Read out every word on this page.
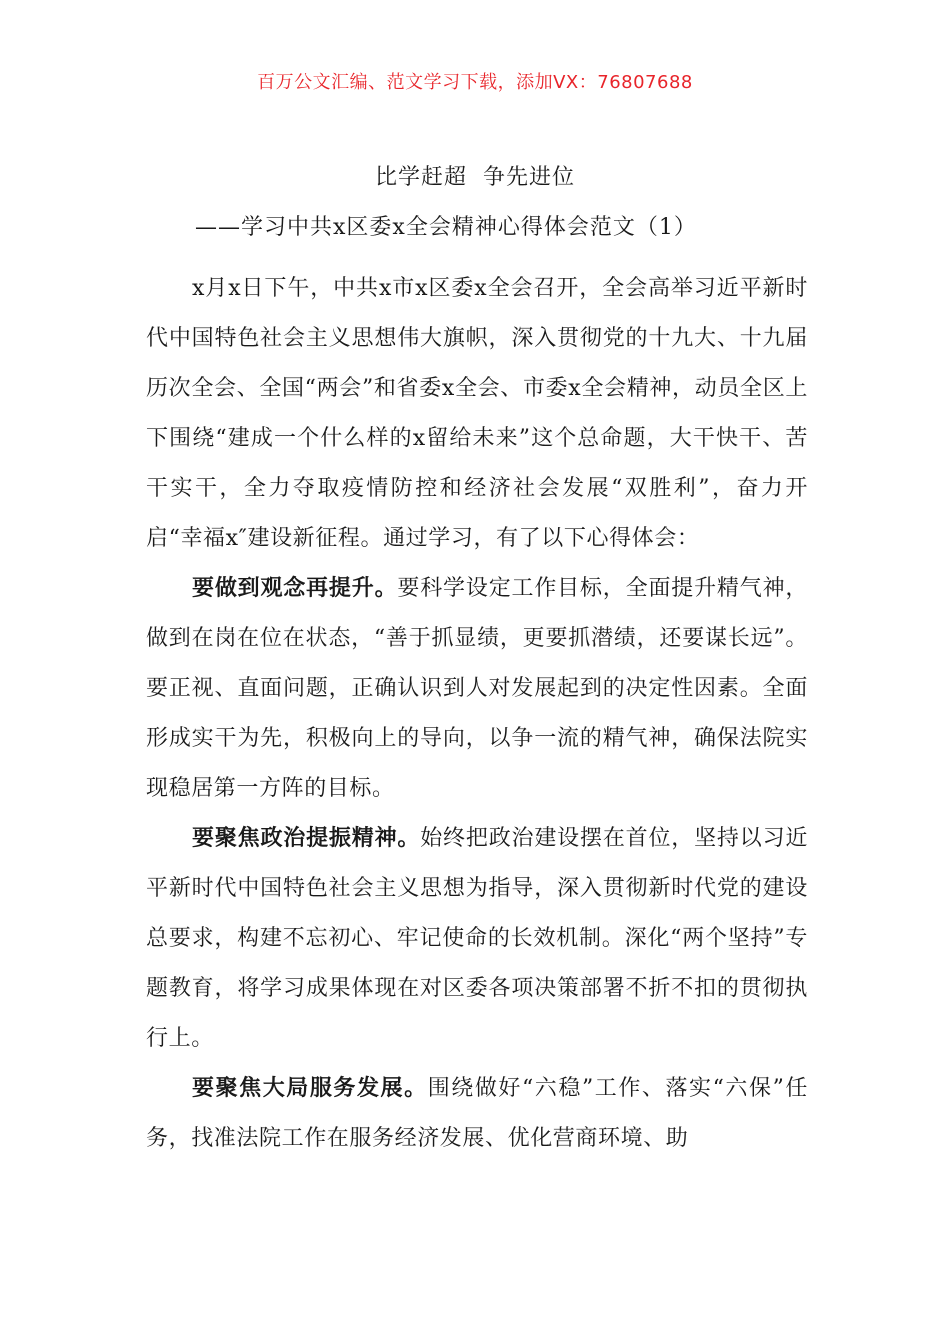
百万公文汇编、范文学习下载，添加VX：76807688
比学赶超  争先进位
——学习中共x区委x全会精神心得体会范文（1）

x月x日下午，中共x市x区委x全会召开，全会高举习近平新时代中国特色社会主义思想伟大旗帜，深入贯彻党的十九大、十九届历次全会、全国“两会”和省委x全会、市委x全会精神，动员全区上下围绕“建成一个什么样的x留给未来”这个总命题，大干快干、苦干实干，全力夺取疫情防控和经济社会发展“双胜利”，奋力开启“幸福x″建设新征程。通过学习，有了以下心得体会：

要做到观念再提升。要科学设定工作目标，全面提升精气神，做到在岗在位在状态，“善于抓显绩，更要抓潜绩，还要谋长远”。要正视、直面问题，正确认识到人对发展起到的决定性因素。全面形成实干为先，积极向上的导向，以争一流的精气神，确保法院实现稳居第一方阵的目标。

要聚焦政治提振精神。始终把政治建设摆在首位，坚持以习近平新时代中国特色社会主义思想为指导，深入贯彻新时代党的建设总要求，构建不忘初心、牢记使命的长效机制。深化“两个坚持”专题教育，将学习成果体现在对区委各项决策部署不折不扣的贯彻执行上。

要聚焦大局服务发展。围绕做好“六稳”工作、落实“六保”任务，找准法院工作在服务经济发展、优化营商环境、助
